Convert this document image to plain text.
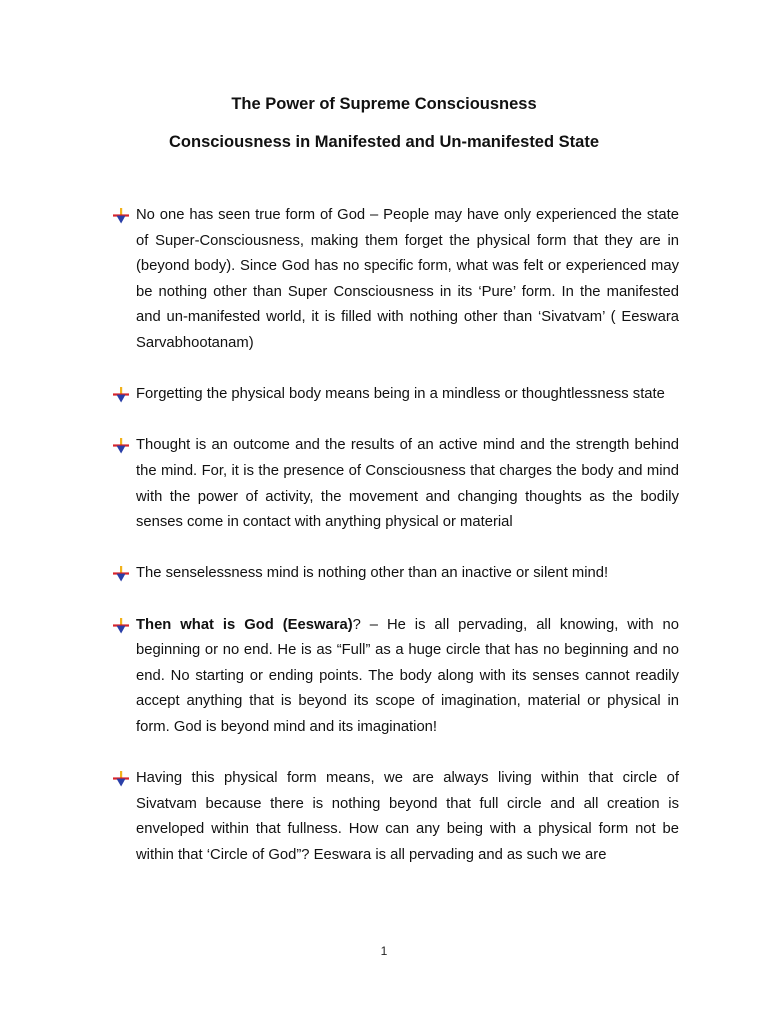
The Power of Supreme Consciousness
Consciousness in Manifested and Un-manifested State
No one has seen true form of God – People may have only experienced the state of Super-Consciousness, making them forget the physical form that they are in (beyond body). Since God has no specific form, what was felt or experienced may be nothing other than Super Consciousness in its ‘Pure’ form. In the manifested and un-manifested world, it is filled with nothing other than ‘Sivatvam’ ( Eeswara Sarvabhootanam)
Forgetting the physical body means being in a mindless or thoughtlessness state
Thought is an outcome and the results of an active mind and the strength behind the mind. For, it is the presence of Consciousness that charges the body and mind with the power of activity, the movement and changing thoughts as the bodily senses come in contact with anything physical or material
The senselessness mind is nothing other than an inactive or silent mind!
Then what is God (Eeswara)? – He is all pervading, all knowing, with no beginning or no end. He is as “Full” as a huge circle that has no beginning and no end. No starting or ending points. The body along with its senses cannot readily accept anything that is beyond its scope of imagination, material or physical in form. God is beyond mind and its imagination!
Having this physical form means, we are always living within that circle of Sivatvam because there is nothing beyond that full circle and all creation is enveloped within that fullness. How can any being with a physical form not be within that ‘Circle of God”? Eeswara is all pervading and as such we are
1
